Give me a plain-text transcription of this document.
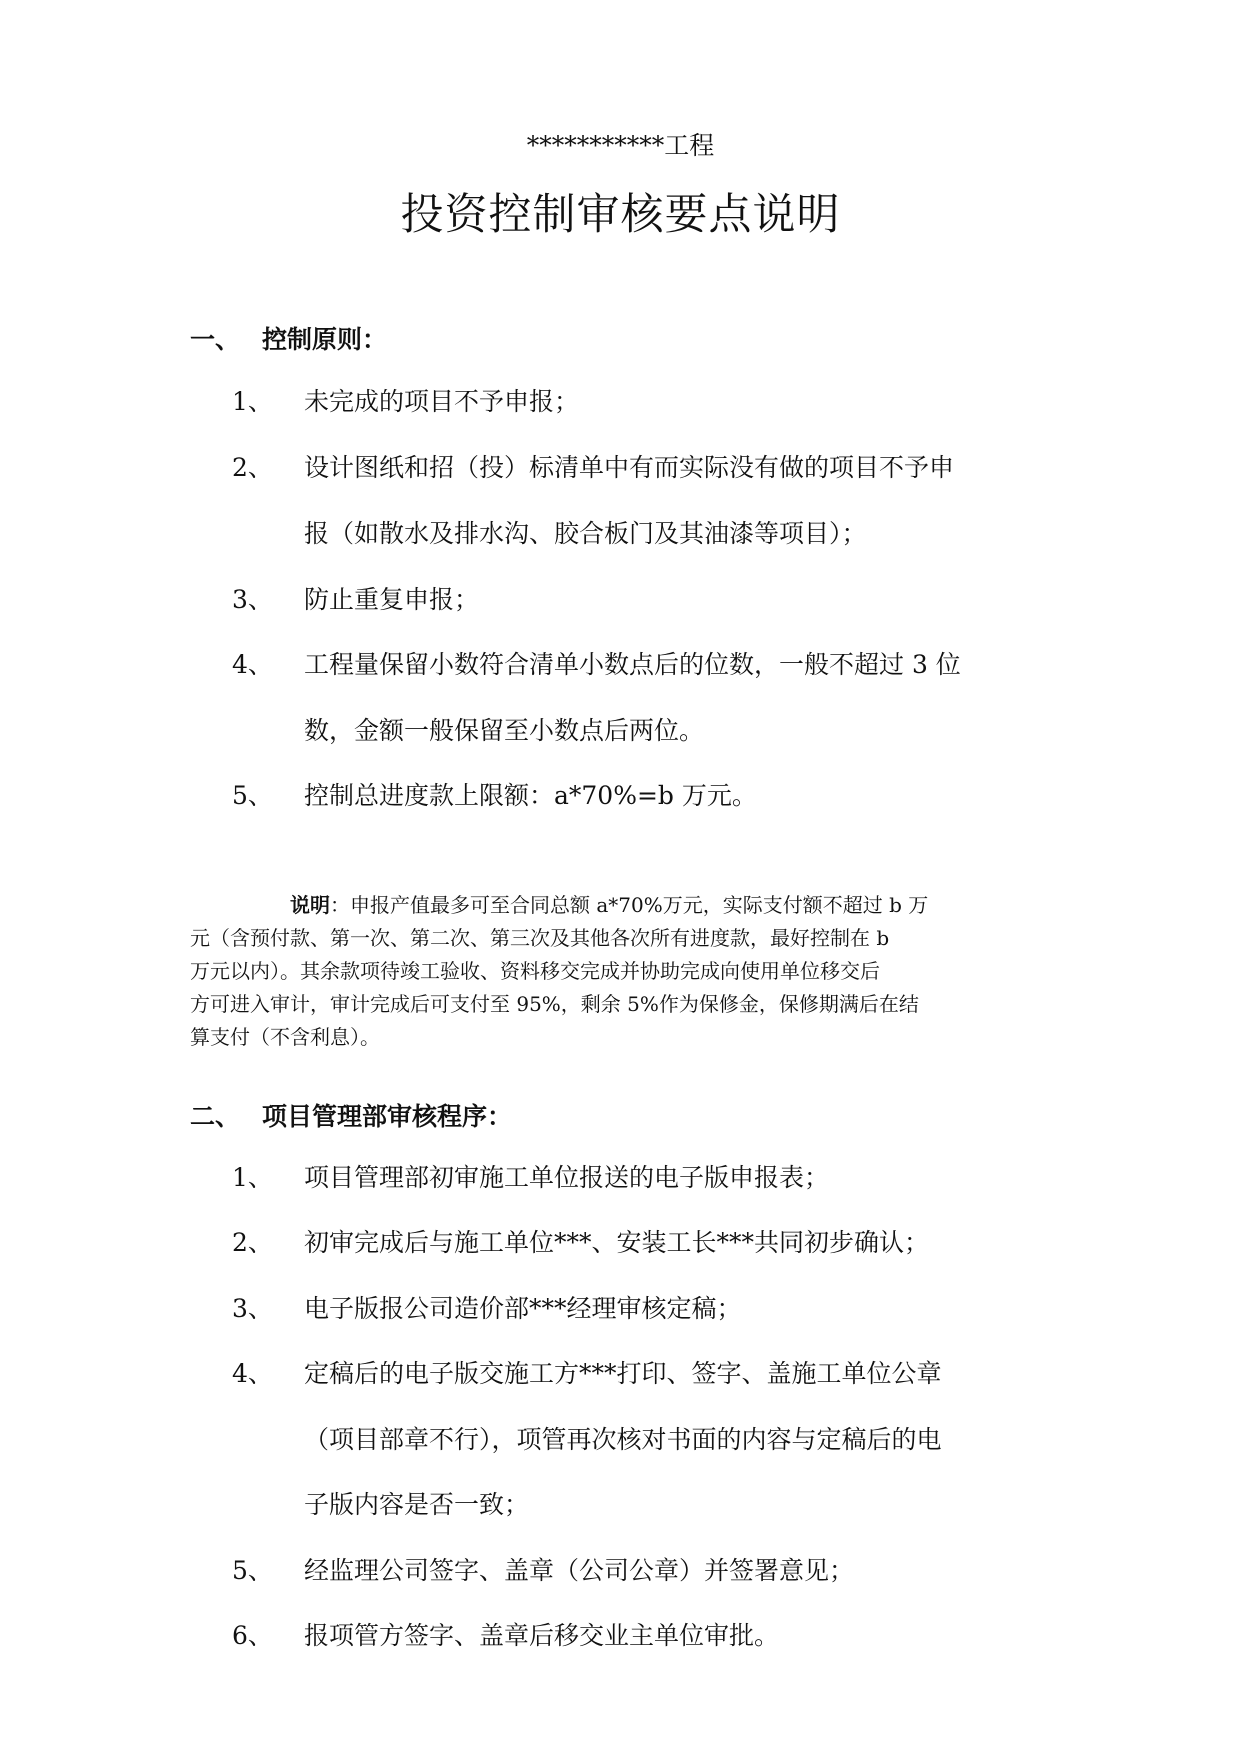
***********工程
投资控制审核要点说明
一、 控制原则：
1、	未完成的项目不予申报；
2、	设计图纸和招（投）标清单中有而实际没有做的项目不予申
报（如散水及排水沟、胶合板门及其油漆等项目）；
3、	防止重复申报；
4、	工程量保留小数符合清单小数点后的位数，一般不超过 3 位
数，金额一般保留至小数点后两位。
5、	控制总进度款上限额：a*70%=b 万元。
说明：申报产值最多可至合同总额 a*70%万元，实际支付额不超过 b 万
元（含预付款、第一次、第二次、第三次及其他各次所有进度款，最好控制在 b
万元以内）。其余款项待竣工验收、资料移交完成并协助完成向使用单位移交后
方可进入审计，审计完成后可支付至 95%，剩余 5%作为保修金，保修期满后在结
算支付（不含利息）。
二、 项目管理部审核程序：
1、	项目管理部初审施工单位报送的电子版申报表；
2、	初审完成后与施工单位***、安装工长***共同初步确认；
3、	电子版报公司造价部***经理审核定稿；
4、	定稿后的电子版交施工方***打印、签字、盖施工单位公章
（项目部章不行），项管再次核对书面的内容与定稿后的电
子版内容是否一致；
5、	经监理公司签字、盖章（公司公章）并签署意见；
6、	报项管方签字、盖章后移交业主单位审批。
